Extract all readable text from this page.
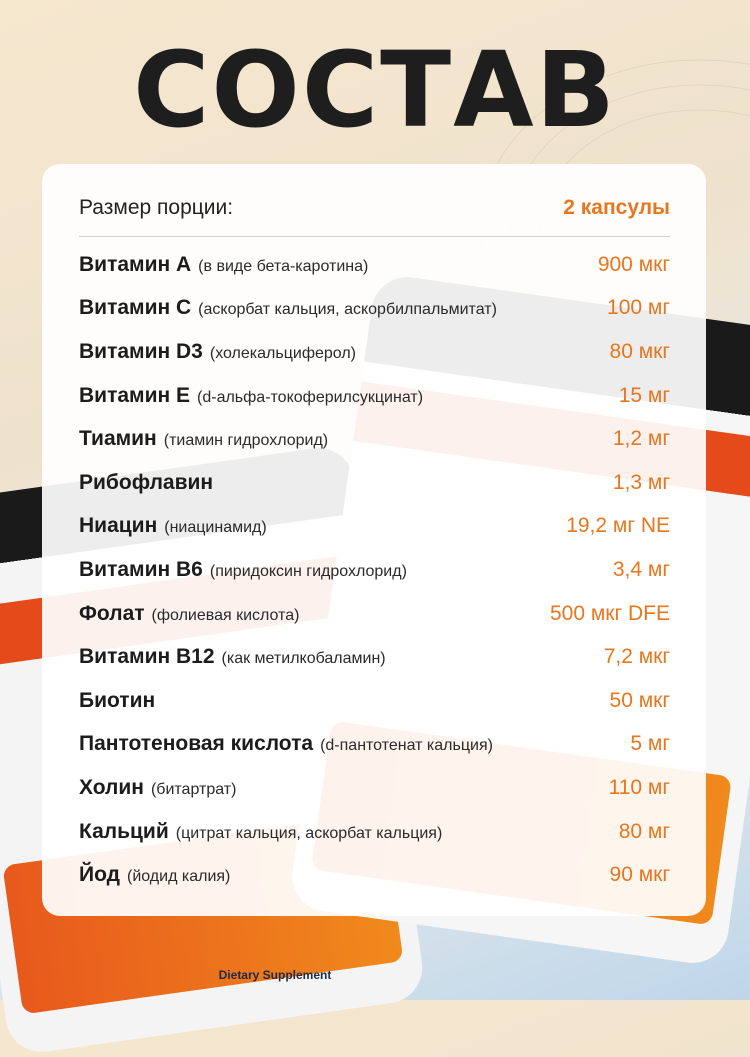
Dietary Supplement
СОСТАВ
Размер порции:	2 капсулы
Витамин A (в виде бета-каротина)	900 мкг
Витамин C (аскорбат кальция, аскорбилпальмитат)	100 мг
Витамин D3 (холекальциферол)	80 мкг
Витамин E (d-альфа-токоферилсукцинат)	15 мг
Тиамин (тиамин гидрохлорид)	1,2 мг
Рибофлавин	1,3 мг
Ниацин (ниацинамид)	19,2 мг NE
Витамин B6 (пиридоксин гидрохлорид)	3,4 мг
Фолат (фолиевая кислота)	500 мкг DFE
Витамин B12 (как метилкобаламин)	7,2 мкг
Биотин	50 мкг
Пантотеновая кислота (d-пантотенат кальция)	5 мг
Холин (битартрат)	110 мг
Кальций (цитрат кальция, аскорбат кальция)	80 мг
Йод (йодид калия)	90 мкг
